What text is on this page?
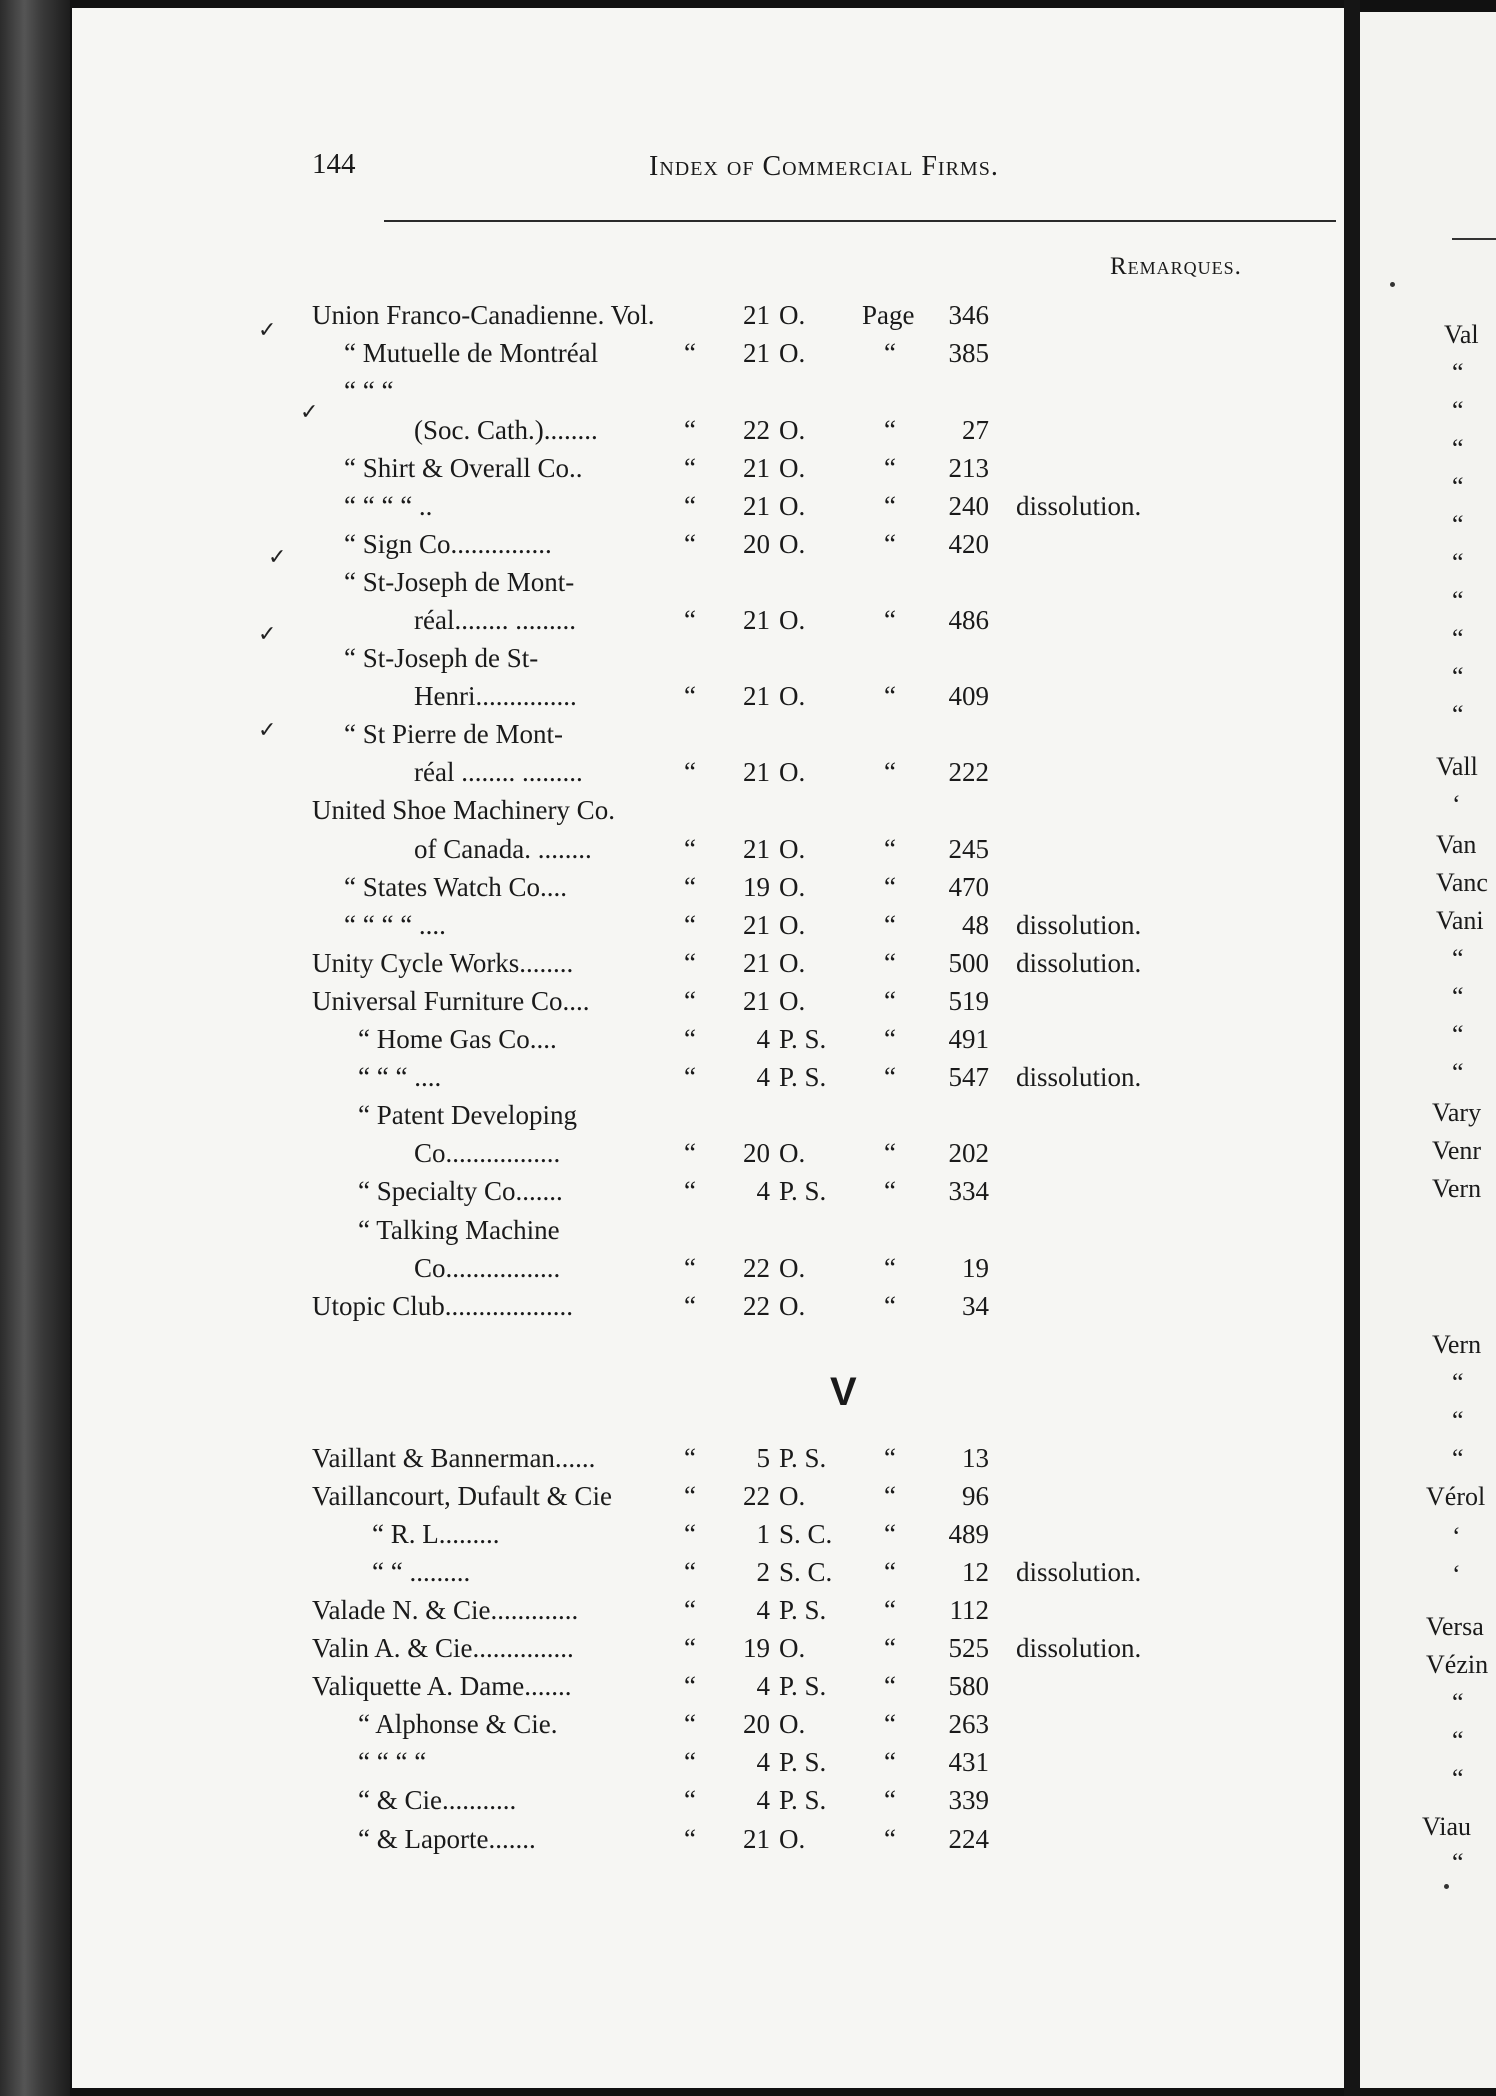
144	Index of Commercial Firms.
Remarques.
Union Franco-Canadienne. Vol.	21 O. Page	346
“ Mutuelle de Montréal	“	21 O.	“	385
“ “ “
(Soc. Cath.)........	“	22 O.	“	27
“ Shirt & Overall Co..	“	21 O.	“	213
“ “ “ “ ..	“	21 O.	“	240 dissolution.
“ Sign Co...............	“	20 O.	“	420
“ St-Joseph de Mont-
réal........ .........	“	21 O.	“	486
“ St-Joseph de St-
Henri...............	“	21 O.	“	409
“ St Pierre de Mont-
réal ........ .........	“	21 O.	“	222
United Shoe Machinery Co.
of Canada. ........	“	21 O.	“	245
“ States Watch Co....	“	19 O.	“	470
“ “ “ “ ....	“	21 O.	“	48 dissolution.
Unity Cycle Works........	“	21 O.	“	500 dissolution.
Universal Furniture Co....	“	21 O.	“	519
“ Home Gas Co....	“	4 P. S.	“	491
“ “ “ ....	“	4 P. S.	“	547 dissolution.
“ Patent Developing
Co.................	“	20 O.	“	202
“ Specialty Co.......	“	4 P. S.	“	334
“ Talking Machine
Co.................	“	22 O.	“	19
Utopic Club...................	“	22 O.	“	34
Vaillant & Bannerman......	“	5 P. S.	“	13
Vaillancourt, Dufault & Cie	“	22 O.	“	96
“ R. L.........	“	1 S. C.	“	489
“ “ .........	“	2 S. C.	“	12 dissolution.
Valade N. & Cie.............	“	4 P. S.	“	112
Valin A. & Cie...............	“	19 O.	“	525 dissolution.
Valiquette A. Dame.......	“	4 P. S.	“	580
“ Alphonse & Cie.	“	20 O.	“	263
“ “ “ “	“	4 P. S.	“	431
“ & Cie...........	“	4 P. S.	“	339
“ & Laporte.......	“	21 O.	“	224
V
Val
“
“
“
“
“
“
“
“
“
“
Vall
‘
Van
Vanc
Vani
“
“
“
“
Vary
Venr
Vern
Vern
“
“
“
Vérol
‘
‘
Versa
Vézin
“
“
“
Viau
“
✓
✓
✓
✓
✓
